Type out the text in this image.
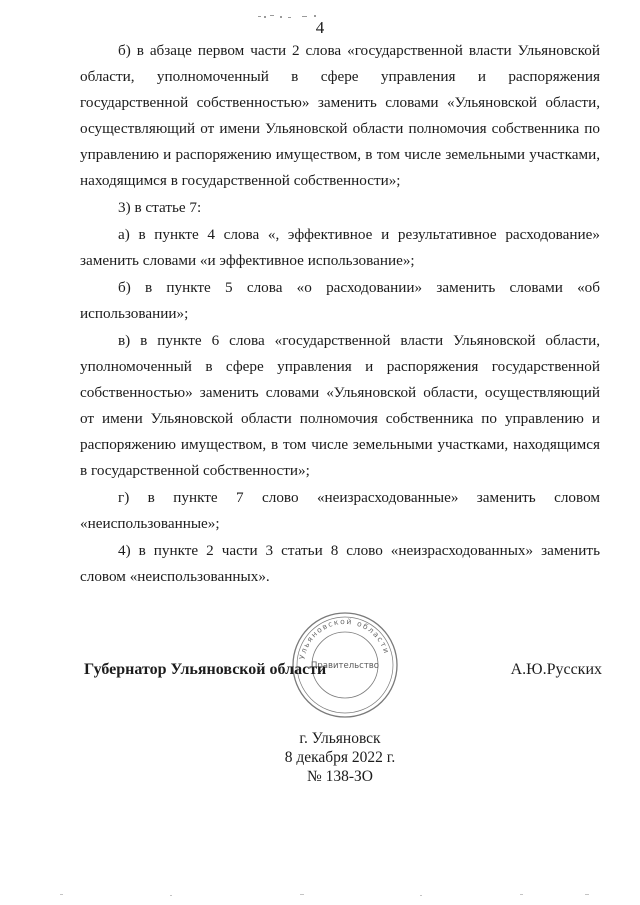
4

б) в абзаце первом части 2 слова «государственной власти Ульяновской области, уполномоченный в сфере управления и распоряжения государственной собственностью» заменить словами «Ульяновской области, осуществляющий от имени Ульяновской области полномочия собственника по управлению и распоряжению имуществом, в том числе земельными участками, находящимся в государственной собственности»;

3) в статье 7:

а) в пункте 4 слова «, эффективное и результативное расходование» заменить словами «и эффективное использование»;

б) в пункте 5 слова «о расходовании» заменить словами «об использовании»;

в) в пункте 6 слова «государственной власти Ульяновской области, уполномоченный в сфере управления и распоряжения государственной собственностью» заменить словами «Ульяновской области, осуществляющий от имени Ульяновской области полномочия собственника по управлению и распоряжению имуществом, в том числе земельными участками, находящимся в государственной собственности»;

г) в пункте 7 слово «неизрасходованные» заменить словом «неиспользованные»;

4) в пункте 2 части 3 статьи 8 слово «неизрасходованных» заменить словом «неиспользованных».

Ульяновской области
Правительство
Губернатор Ульяновской области	А.Ю.Русских
г. Ульяновск
8 декабря 2022 г.
№ 138-ЗО
